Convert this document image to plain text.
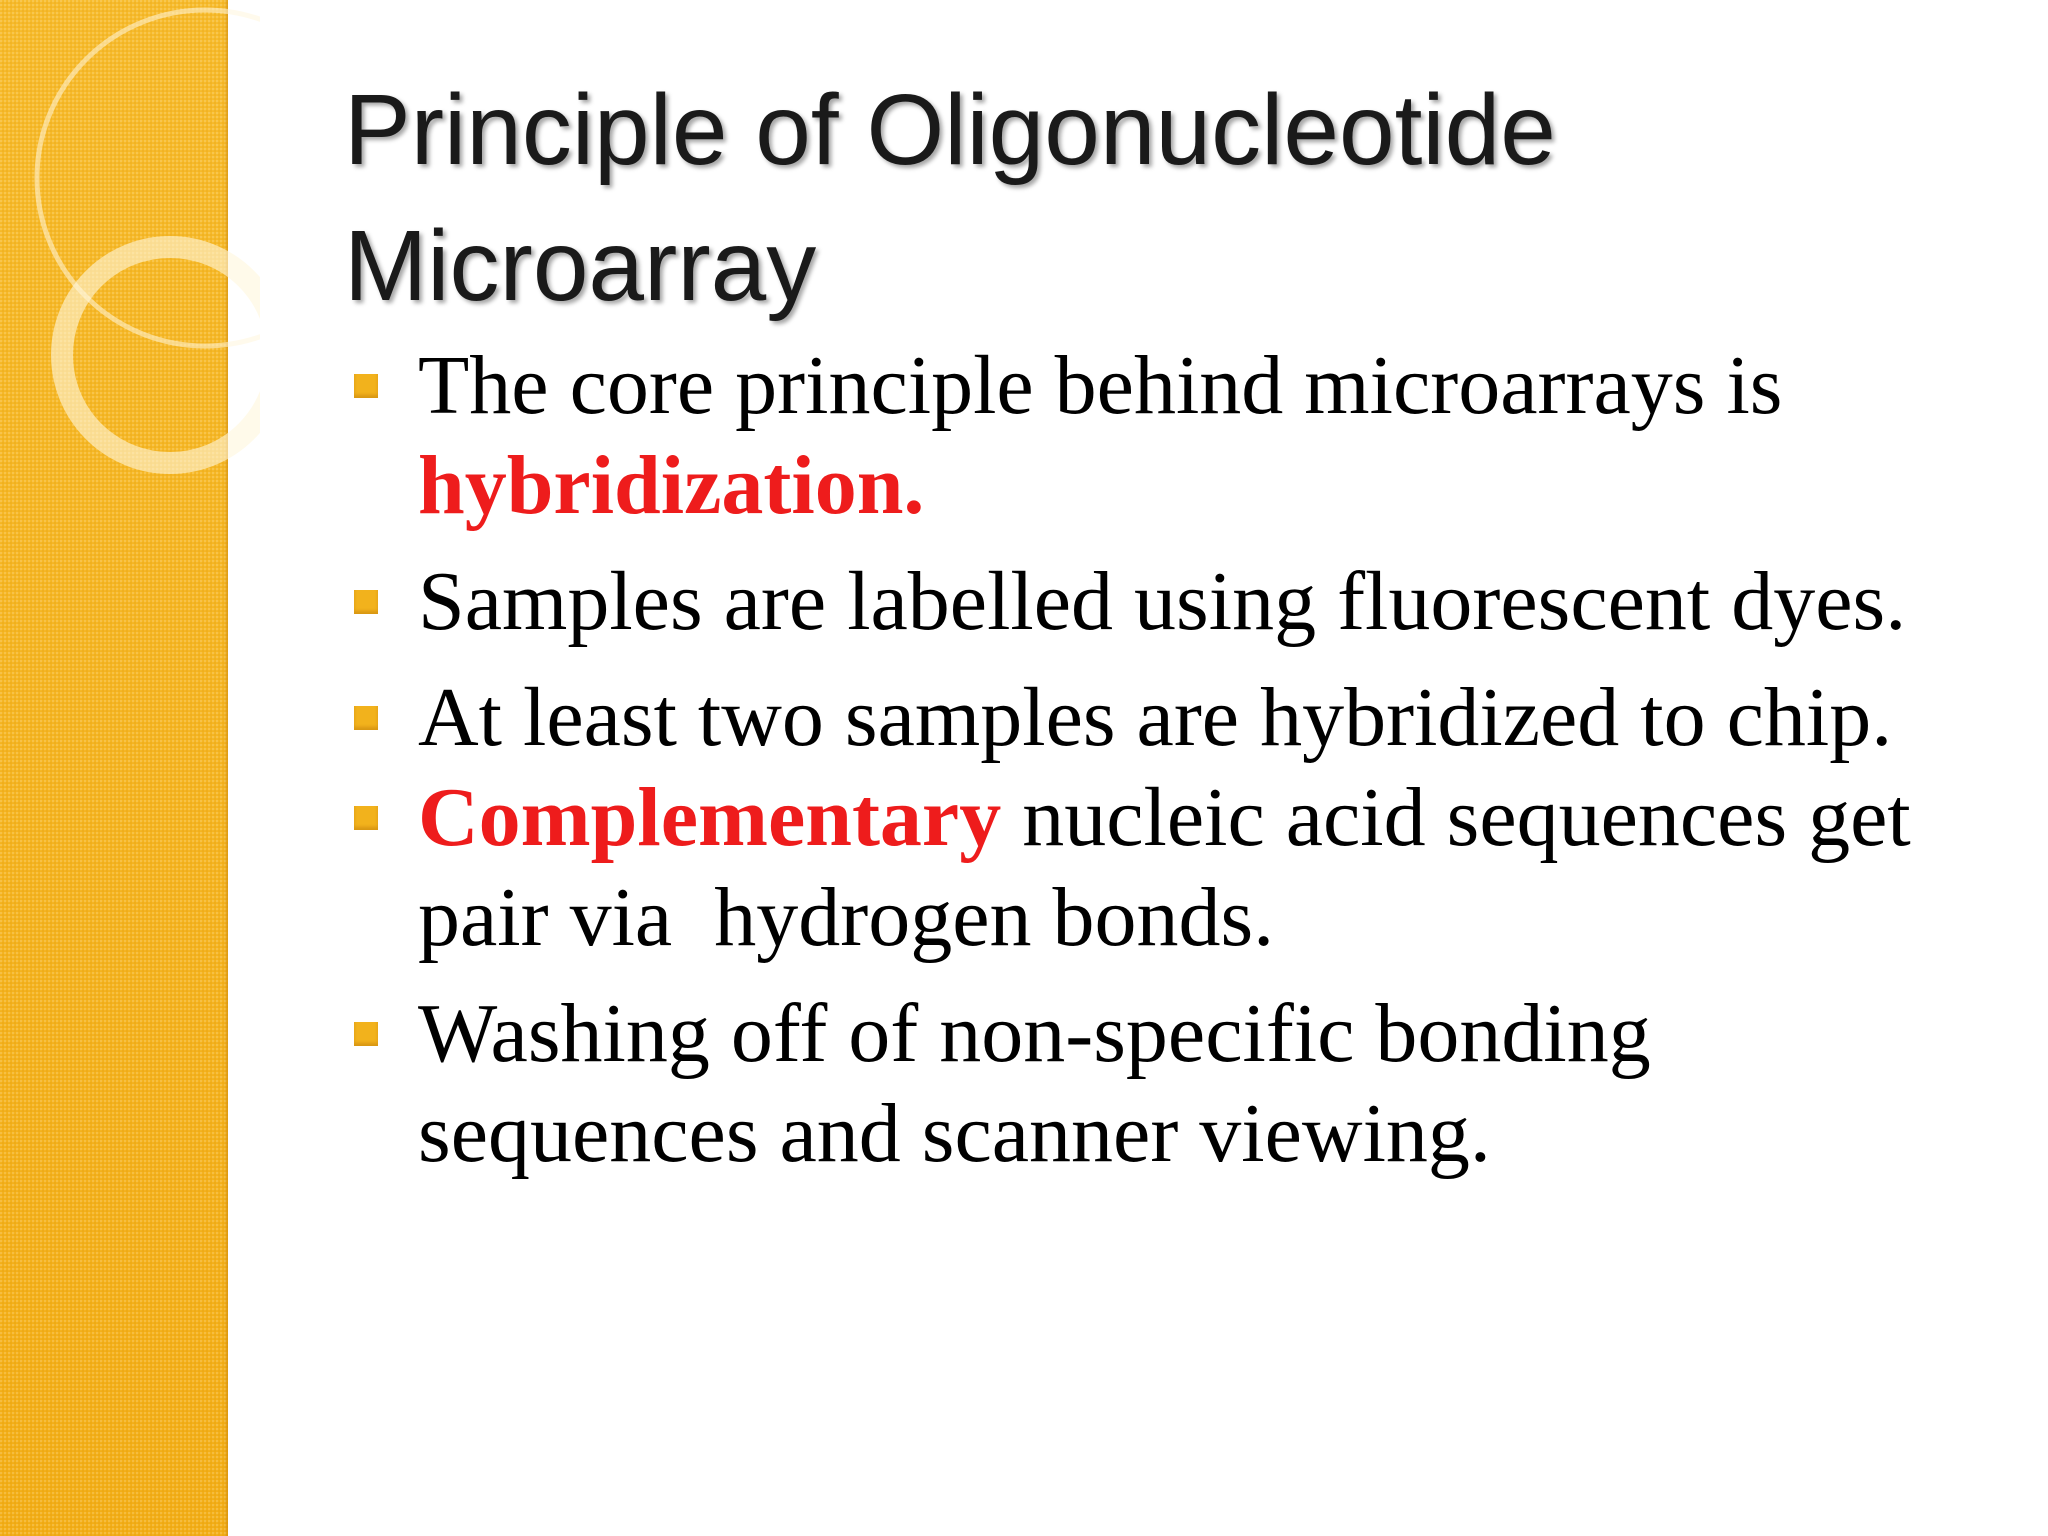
Principle of Oligonucleotide
Microarray
The core principle behind microarrays is hybridization.
Samples are labelled using fluorescent dyes.
At least two samples are hybridized to chip.
Complementary nucleic acid sequences get pair via  hydrogen bonds.
Washing off of non-specific bonding sequences and scanner viewing.
